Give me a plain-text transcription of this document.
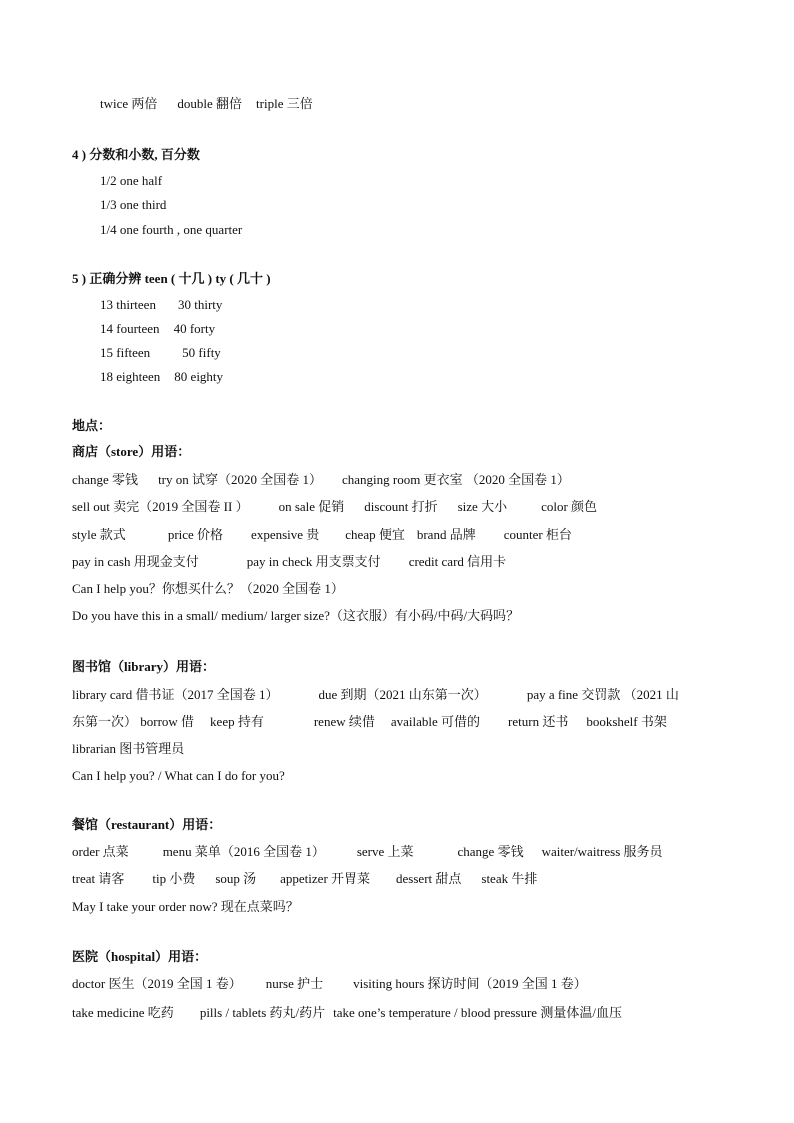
twice 两倍 double 翻倍 triple 三倍
4 ) 分数和小数, 百分数
1/2 one half
1/3 one third
1/4 one fourth , one quarter
5 ) 正确分辨 teen ( 十几 ) ty ( 几十 )
13 thirteen 30 thirty
14 fourteen 40 forty
15 fifteen 50 fifty
18 eighteen 80 eighty
地点：
商店（store）用语：
change 零钱 try on 试穿（2020 全国卷 1） changing room 更衣室 （2020 全国卷 1）
sell out 卖完（2019 全国卷 II ） on sale 促销 discount 打折 size 大小	color 颜色
style 款式	price 价格 expensive 贵 cheap 便宜 brand 品牌 counter 柜台
pay in cash 用现金支付	pay in check 用支票支付 credit card 信用卡
Can I help you？你想买什么？（2020 全国卷 1）
Do you have this in a small/ medium/ larger size?（这衣服）有小码/中码/大码吗？
图书馆（library）用语：
library card 借书证（2017 全国卷 1）	due 到期（2021 山东第一次）	pay a fine 交罚款 （2021 山
东第一次） borrow 借 keep 持有	renew 续借 available 可借的 return 还书 bookshelf 书架
librarian 图书管理员
Can I help you? / What can I do for you?
餐馆（restaurant）用语：
order 点菜	menu 菜单（2016 全国卷 1） serve 上菜	change 零钱 waiter/waitress 服务员
treat 请客 tip 小费 soup 汤 appetizer 开胃菜 dessert 甜点 steak 牛排
May I take your order now? 现在点菜吗？
医院（hospital）用语：
doctor 医生（2019 全国 1 卷） nurse 护士 visiting hours 探访时间（2019 全国 1 卷）
take medicine 吃药 pills / tablets 药丸/药片 take one’s temperature / blood pressure 测量体温/血压
